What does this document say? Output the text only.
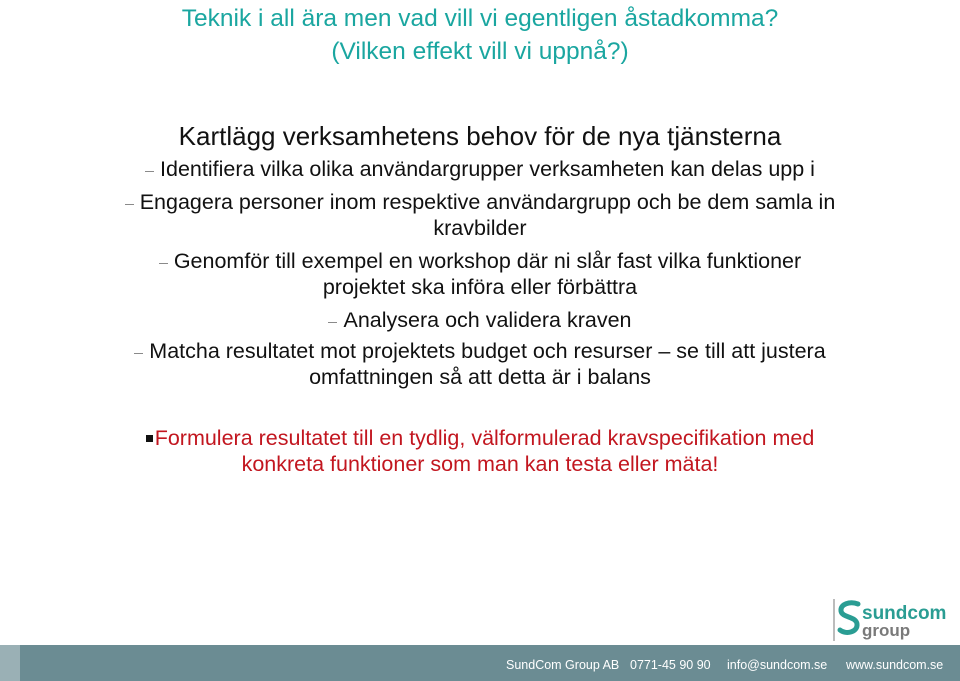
Teknik i all ära men vad vill vi egentligen åstadkomma?
(Vilken effekt vill vi uppnå?)
Kartlägg verksamhetens behov för de nya tjänsterna
Identifiera vilka olika användargrupper verksamheten kan delas upp i
Engagera personer inom respektive användargrupp och be dem samla in
kravbilder
Genomför till exempel en workshop där ni slår fast vilka funktioner
projektet ska införa eller förbättra
Analysera och validera kraven
Matcha resultatet mot projektets budget och resurser – se till att justera
omfattningen så att detta är i balans
Formulera resultatet till en tydlig, välformulerad kravspecifikation med
konkreta funktioner som man kan testa eller mäta!
sundcom
group
SundCom Group AB 0771-45 90 90 info@sundcom.se www.sundcom.se
